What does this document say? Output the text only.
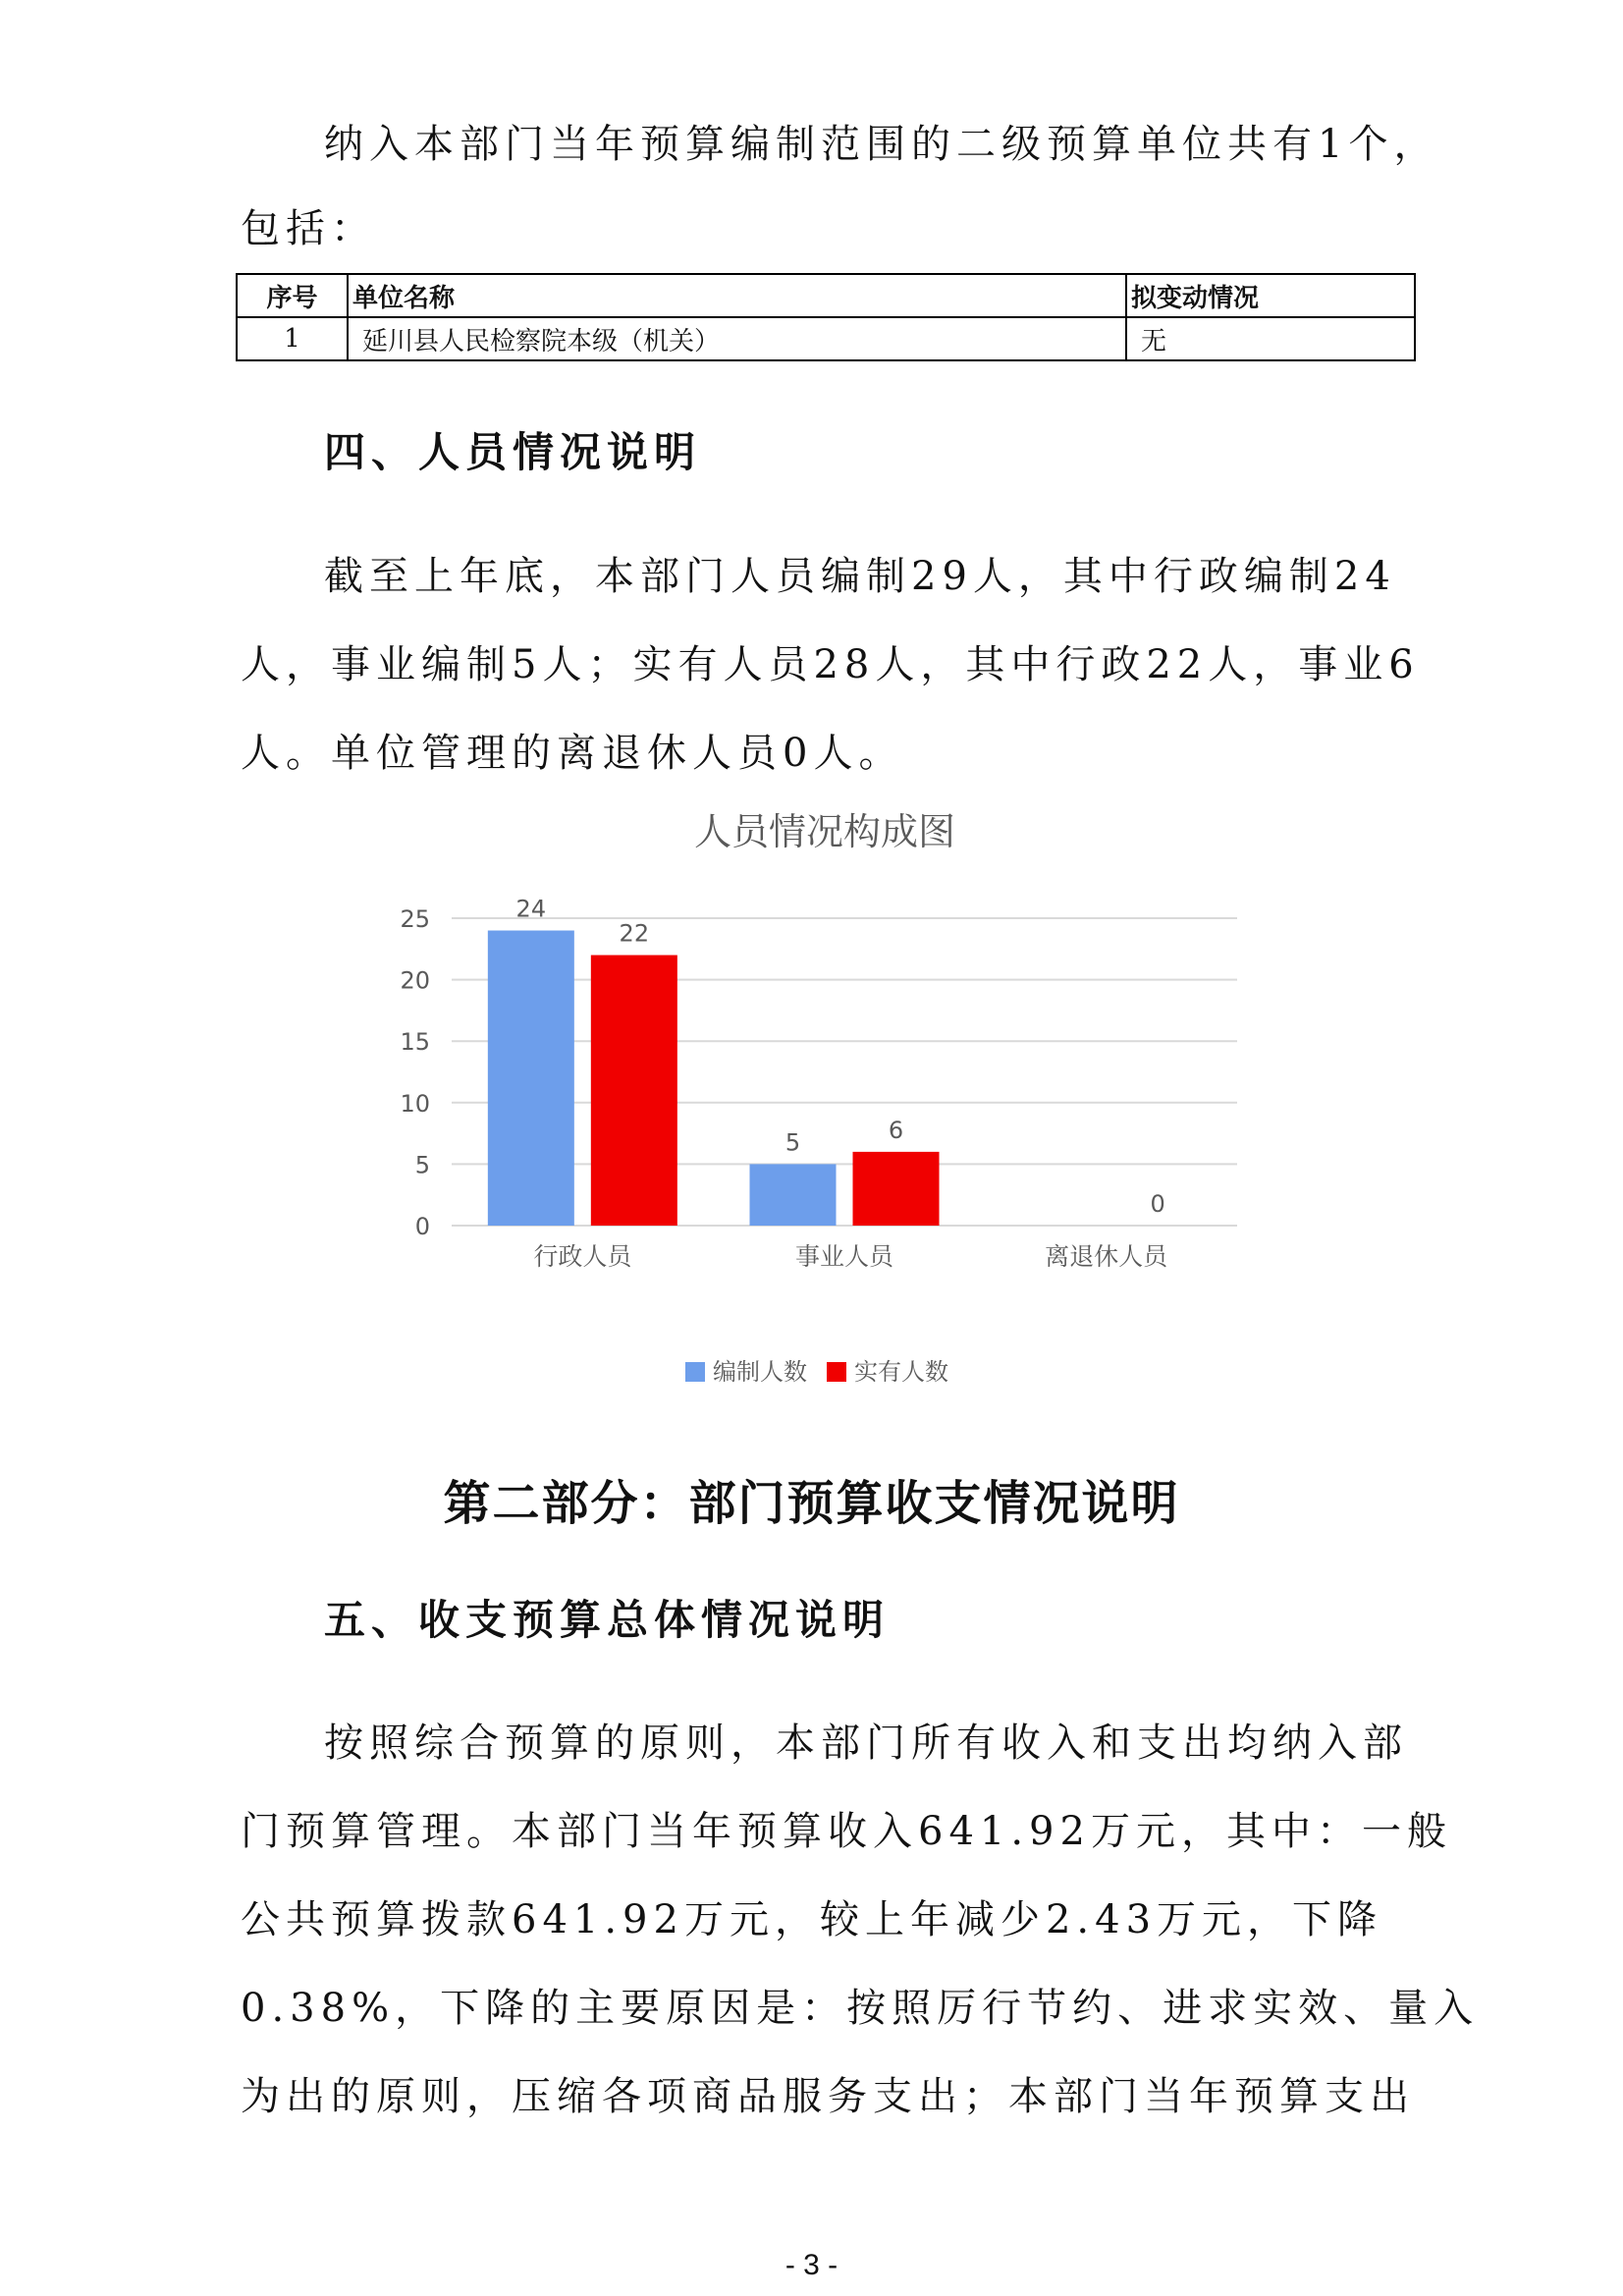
纳入本部门当年预算编制范围的二级预算单位共有1个，
包括：
序号	单位名称	拟变动情况
1	延川县人民检察院本级（机关）	无
四、人员情况说明
截至上年底，本部门人员编制29人，其中行政编制24
人，事业编制5人；实有人员28人，其中行政22人，事业6
人。单位管理的离退休人员0人。
人员情况构成图
0
5
10
15
20
25	24
22
5	6
0
行政人员	事业人员	离退休人员
编制人数 实有人数
第二部分：部门预算收支情况说明
五、收支预算总体情况说明
按照综合预算的原则，本部门所有收入和支出均纳入部
门预算管理。本部门当年预算收入641.92万元，其中：一般
公共预算拨款641.92万元，较上年减少2.43万元，下降
0.38%，下降的主要原因是：按照厉行节约、进求实效、量入
为出的原则，压缩各项商品服务支出；本部门当年预算支出
- 3 -
